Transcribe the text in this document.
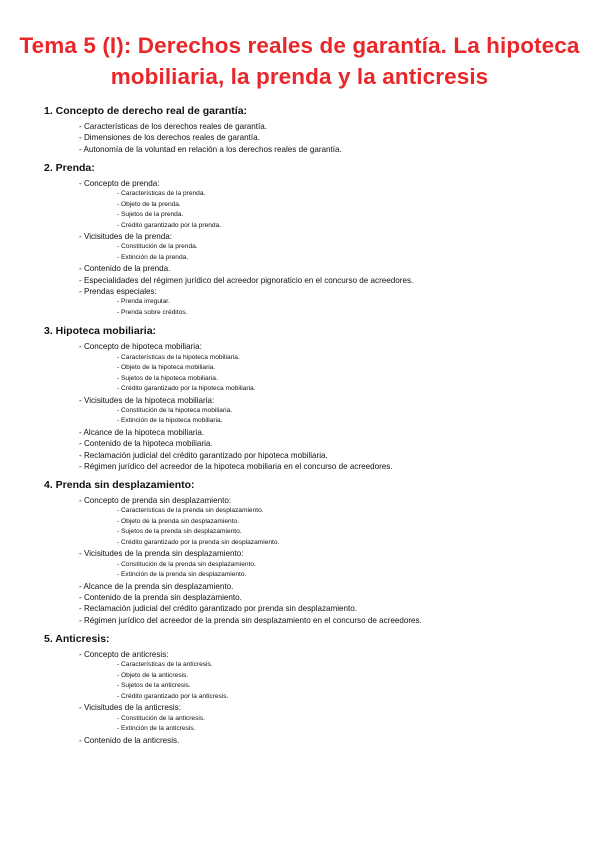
Tema 5 (I): Derechos reales de garantía. La hipoteca mobiliaria, la prenda y la anticresis
1. Concepto de derecho real de garantía:
- Características de los derechos reales de garantía.
- Dimensiones de los derechos reales de garantía.
- Autonomía de la voluntad en relación a los derechos reales de garantía.
2. Prenda:
- Concepto de prenda:
- Características de la prenda.
- Objeto de la prenda.
- Sujetos de la prenda.
- Crédito garantizado por la prenda.
- Vicisitudes de la prenda:
- Constitución de la prenda.
- Extinción de la prenda.
- Contenido de la prenda.
- Especialidades del régimen jurídico del acreedor pignoraticio en el concurso de acreedores.
- Prendas especiales:
- Prenda irregular.
- Prenda sobre créditos.
3. Hipoteca mobiliaria:
- Concepto de hipoteca mobiliaria:
- Características de la hipoteca mobiliaria.
- Objeto de la hipoteca mobiliaria.
- Sujetos de la hipoteca mobiliaria.
- Crédito garantizado por la hipoteca mobiliaria.
- Vicisitudes de la hipoteca mobiliaria:
- Constitución de la hipoteca mobiliaria.
- Extinción de la hipoteca mobiliaria.
- Alcance de la hipoteca mobiliaria.
- Contenido de la hipoteca mobiliaria.
- Reclamación judicial del crédito garantizado por hipoteca mobiliaria.
- Régimen jurídico del acreedor de la hipoteca mobiliaria en el concurso de acreedores.
4. Prenda sin desplazamiento:
- Concepto de prenda sin desplazamiento:
- Características de la prenda sin desplazamiento.
- Objeto de la prenda sin desplazamiento.
- Sujetos de la prenda sin desplazamiento.
- Crédito garantizado por la prenda sin desplazamiento.
- Vicisitudes de la prenda sin desplazamiento:
- Constitución de la prenda sin desplazamiento.
- Extinción de la prenda sin desplazamiento.
- Alcance de la prenda sin desplazamiento.
- Contenido de la prenda sin desplazamiento.
- Reclamación judicial del crédito garantizado por prenda sin desplazamiento.
- Régimen jurídico del acreedor de la prenda sin desplazamiento en el concurso de acreedores.
5. Anticresis:
- Concepto de anticresis:
- Características de la anticresis.
- Objeto de la anticresis.
- Sujetos de la anticresis.
- Crédito garantizado por la anticresis.
- Vicisitudes de la anticresis:
- Constitución de la anticresis.
- Extinción de la anticresis.
- Contenido de la anticresis.
